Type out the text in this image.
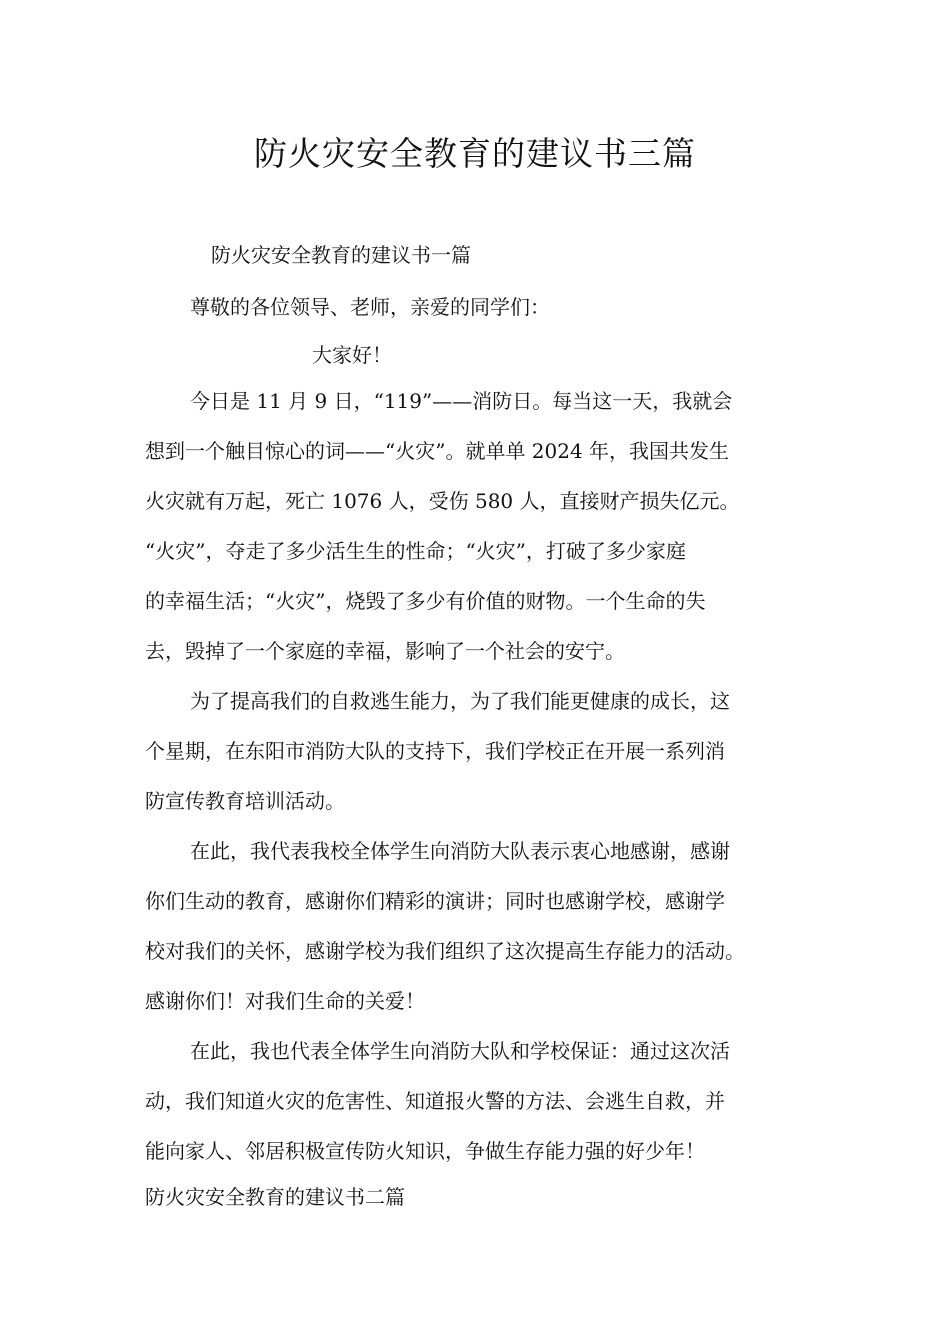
防火灾安全教育的建议书三篇

防火灾安全教育的建议书一篇

尊敬的各位领导、老师，亲爱的同学们：

大家好！

今日是 11 月 9 日，“119”——消防日。每当这一天，我就会
想到一个触目惊心的词——“火灾”。就单单 2024 年，我国共发生
火灾就有万起，死亡 1076 人，受伤 580 人，直接财产损失亿元。
“火灾”，夺走了多少活生生的性命；“火灾”，打破了多少家庭
的幸福生活；“火灾”，烧毁了多少有价值的财物。一个生命的失
去，毁掉了一个家庭的幸福，影响了一个社会的安宁。
为了提高我们的自救逃生能力，为了我们能更健康的成长，这
个星期，在东阳市消防大队的支持下，我们学校正在开展一系列消
防宣传教育培训活动。
在此，我代表我校全体学生向消防大队表示衷心地感谢，感谢
你们生动的教育，感谢你们精彩的演讲；同时也感谢学校，感谢学
校对我们的关怀，感谢学校为我们组织了这次提高生存能力的活动。
感谢你们！对我们生命的关爱！
在此，我也代表全体学生向消防大队和学校保证：通过这次活
动，我们知道火灾的危害性、知道报火警的方法、会逃生自救，并
能向家人、邻居积极宣传防火知识，争做生存能力强的好少年！

防火灾安全教育的建议书二篇
